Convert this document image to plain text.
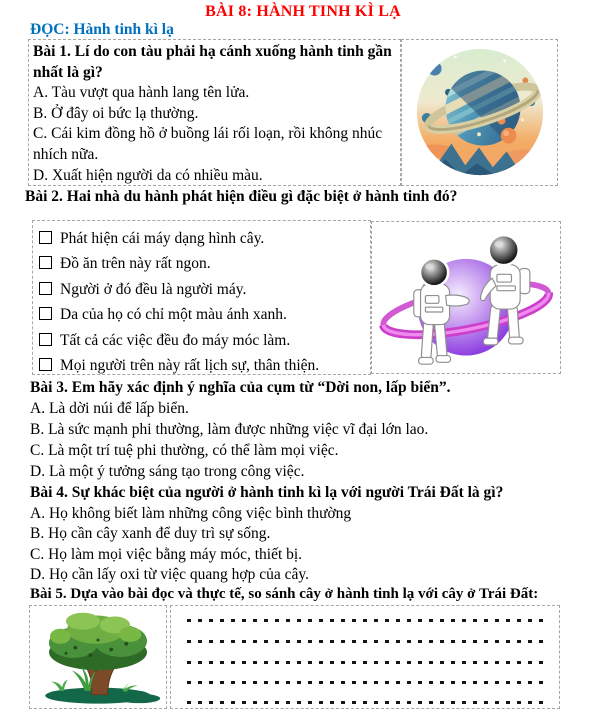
BÀI 8: HÀNH TINH KÌ LẠ
ĐỌC: Hành tinh kì lạ
Bài 1. Lí do con tàu phải hạ cánh xuống hành tinh gần nhất là gì?
A. Tàu vượt qua hành lang tên lửa.
B. Ở đây oi bức lạ thường.
C. Cái kim đồng hồ ở buồng lái rối loạn, rồi không nhúc nhích nữa.
D. Xuất hiện người da có nhiều màu.
Bài 2. Hai nhà du hành phát hiện điều gì đặc biệt ở hành tinh đó?
Phát hiện cái máy dạng hình cây.
Đồ ăn trên này rất ngon.
Người ở đó đều là người máy.
Da của họ có chỉ một màu ánh xanh.
Tất cả các việc đều đo máy móc làm.
Mọi người trên này rất lịch sự, thân thiện.
Bài 3. Em hãy xác định ý nghĩa của cụm từ “Dời non, lấp biển”.
A. Là dời núi để lấp biển.
B. Là sức mạnh phi thường, làm được những việc vĩ đại lớn lao.
C. Là một trí tuệ phi thường, có thể làm mọi việc.
D. Là một ý tưởng sáng tạo trong công việc.
Bài 4. Sự khác biệt của người ở hành tinh kì lạ với người Trái Đất là gì?
A. Họ không biết làm những công việc bình thường
B. Họ cần cây xanh để duy trì sự sống.
C. Họ làm mọi việc bằng máy móc, thiết bị.
D. Họ cần lấy oxi từ việc quang hợp của cây.
Bài 5. Dựa vào bài đọc và thực tế, so sánh cây ở hành tinh lạ với cây ở Trái Đất:
